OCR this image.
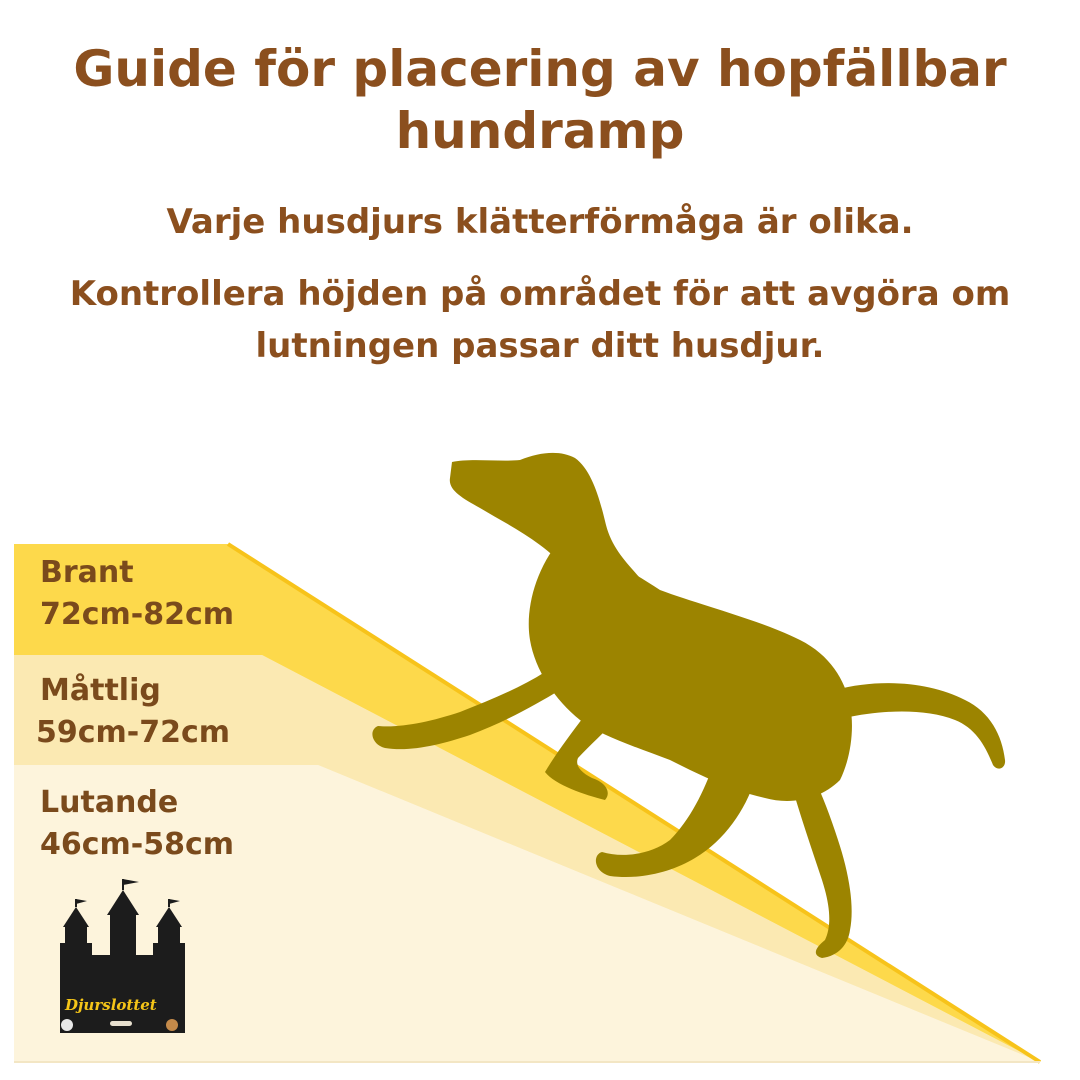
Guide för placering av hopfällbar hundramp

Varje husdjurs klätterförmåga är olika.

Kontrollera höjden på området för att avgöra om lutningen passar ditt husdjur.

Djurslottet
Brant
72cm-82cm
Måttlig
59cm-72cm
Lutande
46cm-58cm
